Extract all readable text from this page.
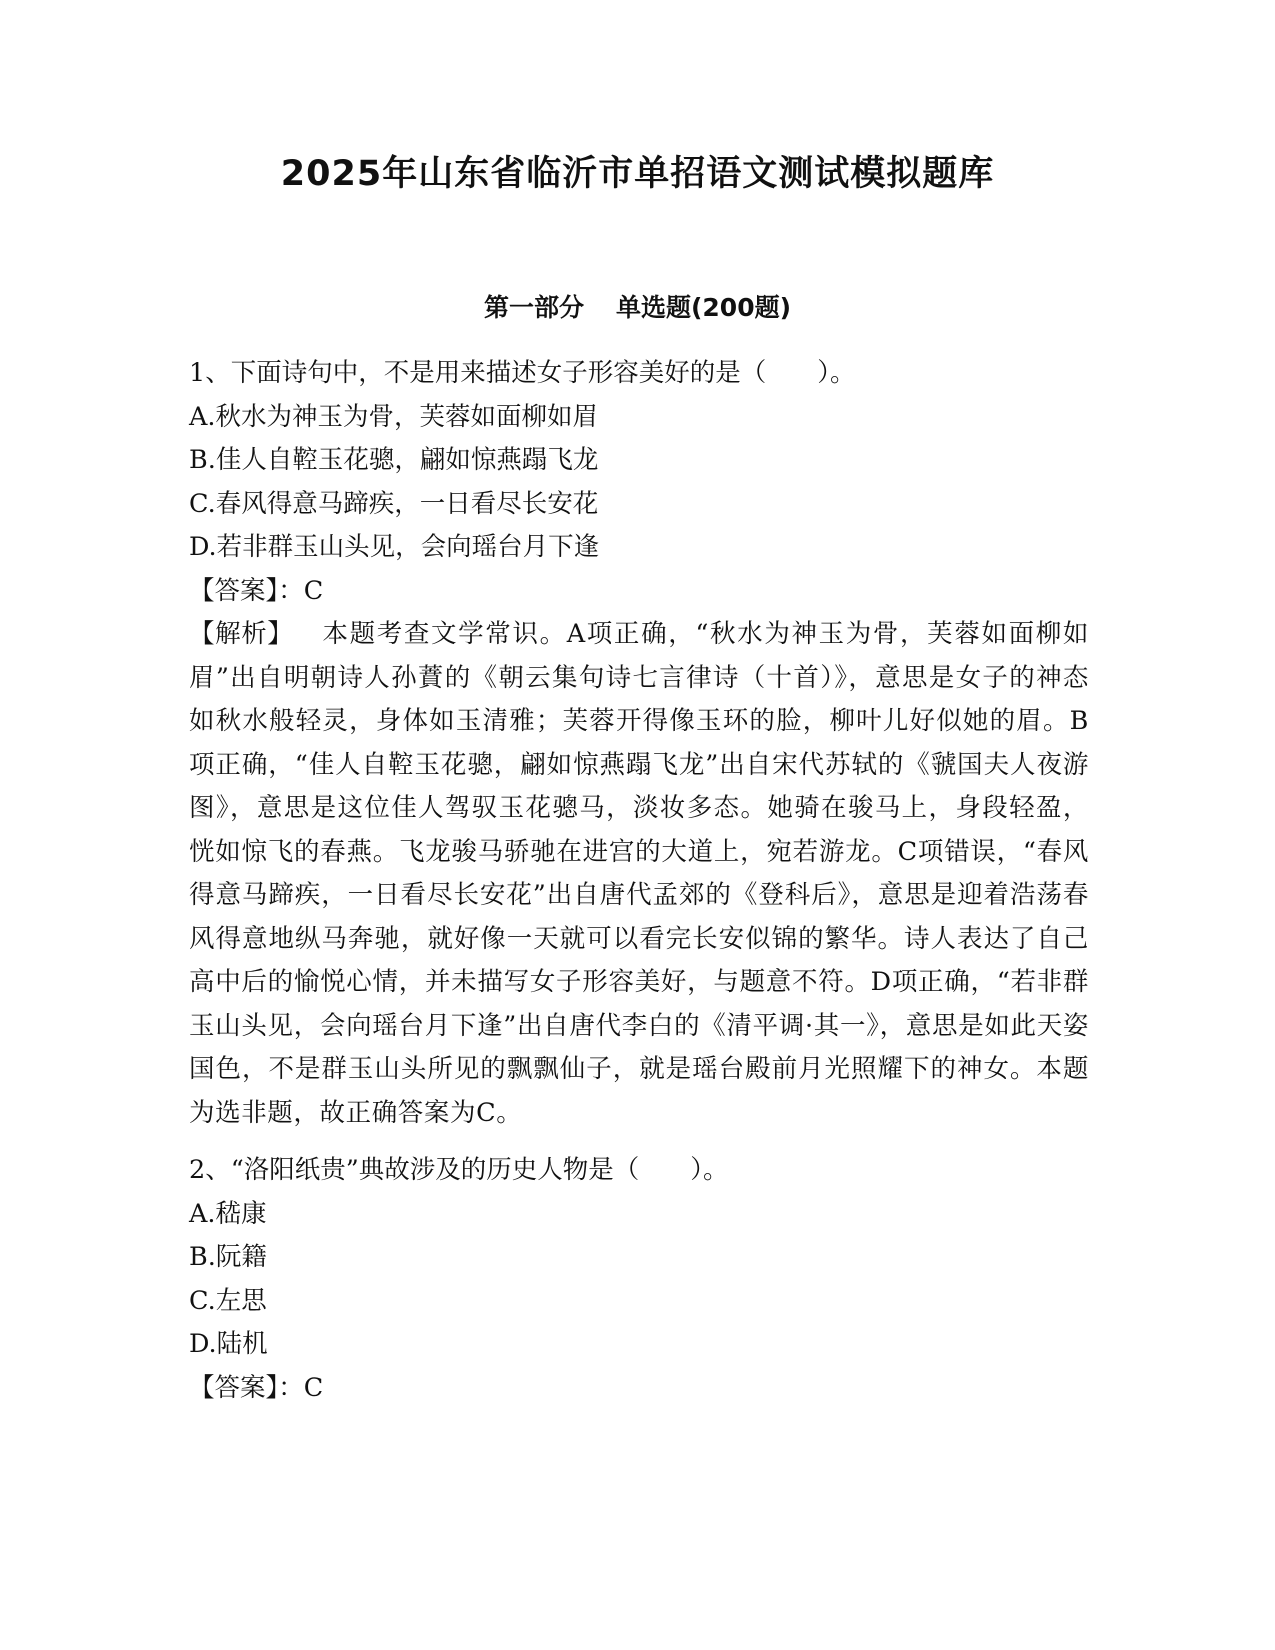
2025年山东省临沂市单招语文测试模拟题库
第一部分 单选题(200题)

1、下面诗句中，不是用来描述女子形容美好的是（　　）。

A.秋水为神玉为骨，芙蓉如面柳如眉

B.佳人自鞚玉花骢，翩如惊燕蹋飞龙

C.春风得意马蹄疾，一日看尽长安花

D.若非群玉山头见，会向瑶台月下逢

【答案】：C

【解析】 本题考查文学常识。A项正确，“秋水为神玉为骨，芙蓉如面柳如眉”出自明朝诗人孙蕡的《朝云集句诗七言律诗（十首）》，意思是女子的神态如秋水般轻灵，身体如玉清雅；芙蓉开得像玉环的脸，柳叶儿好似她的眉。B项正确，“佳人自鞚玉花骢，翩如惊燕蹋飞龙”出自宋代苏轼的《虢国夫人夜游图》，意思是这位佳人驾驭玉花骢马，淡妆多态。她骑在骏马上，身段轻盈，恍如惊飞的春燕。飞龙骏马骄驰在进宫的大道上，宛若游龙。C项错误，“春风得意马蹄疾，一日看尽长安花”出自唐代孟郊的《登科后》，意思是迎着浩荡春风得意地纵马奔驰，就好像一天就可以看完长安似锦的繁华。诗人表达了自己高中后的愉悦心情，并未描写女子形容美好，与题意不符。D项正确，“若非群玉山头见，会向瑶台月下逢”出自唐代李白的《清平调·其一》，意思是如此天姿国色，不是群玉山头所见的飘飘仙子，就是瑶台殿前月光照耀下的神女。本题为选非题，故正确答案为C。

2、“洛阳纸贵”典故涉及的历史人物是（　　）。

A.嵇康

B.阮籍

C.左思

D.陆机

【答案】：C
